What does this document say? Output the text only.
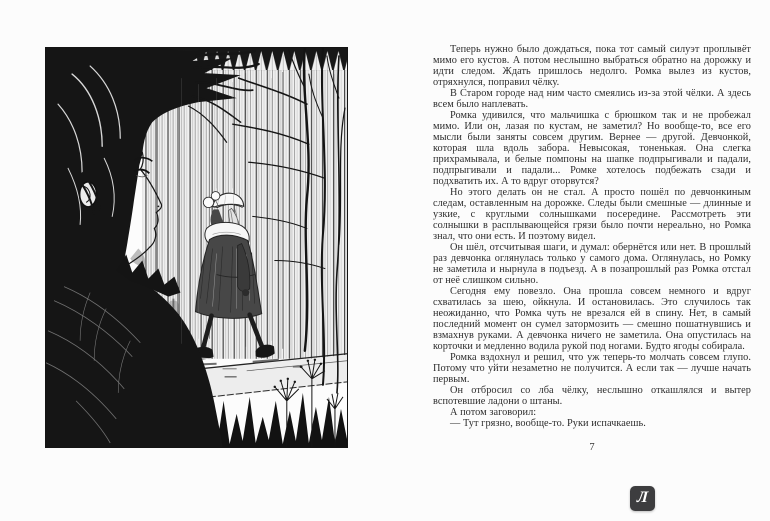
Теперь нужно было дождаться, пока тот самый силуэт проплывёт мимо его кустов. А потом неслышно выбраться обратно на дорожку и идти следом. Ждать пришлось недолго. Ромка вылез из кустов, отряхнулся, поправил чёлку.

В Старом городе над ним часто смеялись из-за этой чёлки. А здесь всем было наплевать.

Ромка удивился, что мальчишка с брюшком так и не пробежал мимо. Или он, лазая по кустам, не заметил? Но вообще-то, все его мысли были заняты совсем другим. Вернее — другой. Девчонкой, которая шла вдоль забора. Невысокая, тоненькая. Она слегка прихрамывала, и белые помпоны на шапке подпрыгивали и падали, подпрыгивали и падали... Ромке хотелось подбежать сзади и подхватить их. А то вдруг оторвутся?

Но этого делать он не стал. А просто пошёл по девчонкиным следам, оставленным на дорожке. Следы были смешные — длинные и узкие, с круглыми солнышками посередине. Рассмотреть эти солнышки в расплывающейся грязи было почти нереально, но Ромка знал, что они есть. И поэтому видел.

Он шёл, отсчитывая шаги, и думал: обернётся или нет. В прошлый раз девчонка оглянулась только у самого дома. Оглянулась, но Ромку не заметила и нырнула в подъезд. А в позапрошлый раз Ромка отстал от неё слишком сильно.

Сегодня ему повезло. Она прошла совсем немного и вдруг схватилась за шею, ойкнула. И остановилась. Это случилось так неожиданно, что Ромка чуть не врезался ей в спину. Нет, в самый последний момент он сумел затормозить — смешно пошатнувшись и взмахнув руками. А девчонка ничего не заметила. Она опустилась на корточки и медленно водила рукой под ногами. Будто ягоды собирала.

Ромка вздохнул и решил, что уж теперь-то молчать совсем глупо. Потому что уйти незаметно не получится. А если так — лучше начать первым.

Он отбросил со лба чёлку, неслышно откашлялся и вытер вспотевшие ладони о штаны.

А потом заговорил:

— Тут грязно, вообще-то. Руки испачкаешь.

7
Л
